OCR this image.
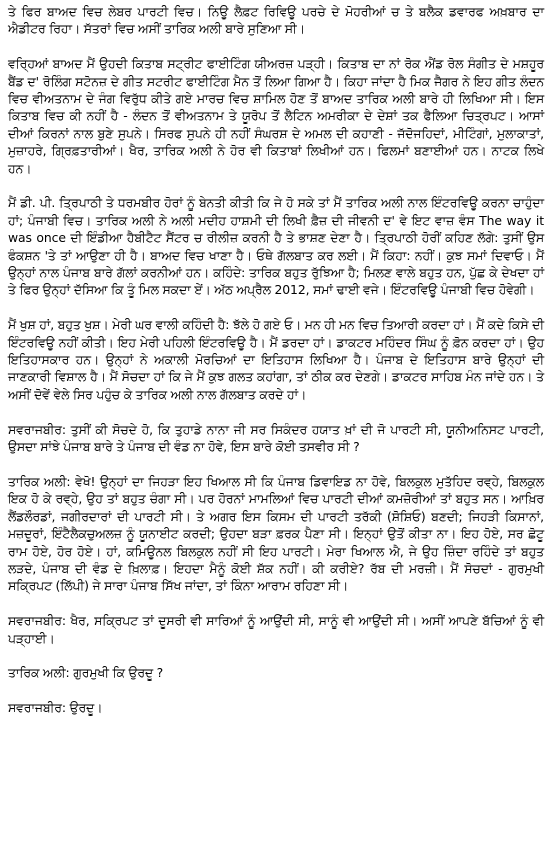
ਤੇ ਫਿਰ ਬਾਅਦ ਵਿਚ ਲੇਬਰ ਪਾਰਟੀ ਵਿਚ। ਨਿਊ ਲੈਫ਼ਟ ਰਿਵਿਊ ਪਰਚੇ ਦੇ ਮੋਹਰੀਆਂ ਚ ਤੇ ਬਲੈਕ ਡਵਾਰਫ ਅਖ਼ਬਾਰ ਦਾ ਐਡੀਟਰ ਰਿਹਾ। ਸੱਤਰਾਂ ਵਿਚ ਅਸੀਂ ਤਾਰਿਕ ਅਲੀ ਬਾਰੇ ਸੁਣਿਆ ਸੀ।

ਵਰ੍ਹਿਆਂ ਬਾਅਦ ਮੈਂ ਉਹਦੀ ਕਿਤਾਬ ਸਟ੍ਰੀਟ ਫਾਈਟਿੰਗ ਯੀਅਰਜ਼ ਪੜ੍ਹੀ। ਕਿਤਾਬ ਦਾ ਨਾਂ ਰੋਕ ਐਂਡ ਰੋਲ ਸੰਗੀਤ ਦੇ ਮਸ਼ਹੂਰ ਬੈਂਡ ਦ' ਰੋਲਿੰਗ ਸਟੋਨਜ਼ ਦੇ ਗੀਤ ਸਟਰੀਟ ਫਾਈਟਿੰਗ ਮੈਨ ਤੋਂ ਲਿਆ ਗਿਆ ਹੈ। ਕਿਹਾ ਜਾਂਦਾ ਹੈ ਮਿਕ ਜੈਗਰ ਨੇ ਇਹ ਗੀਤ ਲੰਦਨ ਵਿਚ ਵੀਅਤਨਾਮ ਦੇ ਜੰਗ ਵਿਰੁੱਧ ਕੀਤੇ ਗਏ ਮਾਰਚ ਵਿਚ ਸ਼ਾਮਿਲ ਹੋਣ ਤੋਂ ਬਾਅਦ ਤਾਰਿਕ ਅਲੀ ਬਾਰੇ ਹੀ ਲਿਖਿਆ ਸੀ। ਇਸ ਕਿਤਾਬ ਵਿਚ ਕੀ ਨਹੀਂ ਹੈ - ਲੰਦਨ ਤੋਂ ਵੀਅਤਨਾਮ ਤੇ ਯੂਰੋਪ ਤੋਂ ਲੈਟਿਨ ਅਮਰੀਕਾ ਦੇ ਦੇਸ਼ਾਂ ਤਕ ਫੈਲਿਆ ਚਿਤ੍ਰਪਟ। ਆਸਾਂ ਦੀਆਂ ਕਿਰਨਾਂ ਨਾਲ ਬੁਣੇ ਸੁਪਨੇ। ਸਿਰਫ ਸੁਪਨੇ ਹੀ ਨਹੀਂ ਸੰਘਰਸ਼ ਦੇ ਅਮਲ ਦੀ ਕਹਾਣੀ - ਜੱਦੋਜਹਿਦਾਂ, ਮੀਟਿੰਗਾਂ, ਮੁਲਾਕਾਤਾਂ, ਮੁਜ਼ਾਹਰੇ, ਗ੍ਰਿਫ਼ਤਾਰੀਆਂ। ਖੈਰ, ਤਾਰਿਕ ਅਲੀ ਨੇ ਹੋਰ ਵੀ ਕਿਤਾਬਾਂ ਲਿਖੀਆਂ ਹਨ। ਫਿਲਮਾਂ ਬਣਾਈਆਂ ਹਨ। ਨਾਟਕ ਲਿਖੇ ਹਨ।

ਮੈਂ ਡੀ. ਪੀ. ਤ੍ਰਿਪਾਠੀ ਤੇ ਧਰਮਬੀਰ ਹੋਰਾਂ ਨੂੰ ਬੇਨਤੀ ਕੀਤੀ ਕਿ ਜੇ ਹੋ ਸਕੇ ਤਾਂ ਮੈਂ ਤਾਰਿਕ ਅਲੀ ਨਾਲ ਇੰਟਰਵਿਊ ਕਰਨਾ ਚਾਹੁੰਦਾ ਹਾਂ; ਪੰਜਾਬੀ ਵਿਚ। ਤਾਰਿਕ ਅਲੀ ਨੇ ਅਲੀ ਮਦੀਹ ਹਾਸ਼ਮੀ ਦੀ ਲਿਖੀ ਫ਼ੈਜ਼ ਦੀ ਜੀਵਨੀ ਦ' ਵੇ ਇਟ ਵਾਜ਼ ਵੰਸ The way it was once ਦੀ ਇੰਡੀਆ ਹੈਬੀਟੈਟ ਸੈਂਟਰ ਚ ਰੀਲੀਜ਼ ਕਰਨੀ ਹੈ ਤੇ ਭਾਸ਼ਣ ਦੇਣਾ ਹੈ। ਤ੍ਰਿਪਾਠੀ ਹੋਰੀਂ ਕਹਿਣ ਲੱਗੇ: ਤੁਸੀਂ ਉਸ ਫੰਕਸ਼ਨ 'ਤੇ ਤਾਂ ਆਉਣਾ ਹੀ ਹੈ। ਬਾਅਦ ਵਿਚ ਖਾਣਾ ਹੈ। ਓਥੇ ਗੱਲਬਾਤ ਕਰ ਲਈ। ਮੈਂ ਕਿਹਾ: ਨਹੀਂ। ਕੁਝ ਸਮਾਂ ਦਿਵਾਓ। ਮੈਂ ਉਨ੍ਹਾਂ ਨਾਲ ਪੰਜਾਬ ਬਾਰੇ ਗੱਲਾਂ ਕਰਨੀਆਂ ਹਨ। ਕਹਿੰਦੇ: ਤਾਰਿਕ ਬਹੁਤ ਰੁੱਝਿਆ ਹੈ; ਮਿਲਣ ਵਾਲੇ ਬਹੁਤ ਹਨ, ਪੁੱਛ ਕੇ ਦੇਖਦਾ ਹਾਂ ਤੇ ਫਿਰ ਉਨ੍ਹਾਂ ਦੱਸਿਆ ਕਿ ਤੂੰ ਮਿਲ ਸਕਦਾ ਏਂ। ਅੱਠ ਅਪ੍ਰੈਲ 2012, ਸਮਾਂ ਢਾਈ ਵਜੇ। ਇੰਟਰਵਿਊ ਪੰਜਾਬੀ ਵਿਚ ਹੋਵੇਗੀ।

ਮੈਂ ਖੁਸ਼ ਹਾਂ, ਬਹੁਤ ਖੁਸ਼। ਮੇਰੀ ਘਰ ਵਾਲੀ ਕਹਿੰਦੀ ਹੈ: ਝੱਲੇ ਹੋ ਗਏ ਓ। ਮਨ ਹੀ ਮਨ ਵਿਚ ਤਿਆਰੀ ਕਰਦਾ ਹਾਂ। ਮੈਂ ਕਦੇ ਕਿਸੇ ਦੀ ਇੰਟਰਵਿਊ ਨਹੀਂ ਕੀਤੀ। ਇਹ ਮੇਰੀ ਪਹਿਲੀ ਇੰਟਰਵਿਊ ਹੈ। ਮੈਂ ਡਰਦਾ ਹਾਂ। ਡਾਕਟਰ ਮਹਿੰਦਰ ਸਿੰਘ ਨੂੰ ਫ਼ੋਨ ਕਰਦਾ ਹਾਂ। ਉਹ ਇਤਿਹਾਸਕਾਰ ਹਨ। ਉਨ੍ਹਾਂ ਨੇ ਅਕਾਲੀ ਮੋਰਚਿਆਂ ਦਾ ਇਤਿਹਾਸ ਲਿਖਿਆ ਹੈ। ਪੰਜਾਬ ਦੇ ਇਤਿਹਾਸ ਬਾਰੇ ਉਨ੍ਹਾਂ ਦੀ ਜਾਣਕਾਰੀ ਵਿਸ਼ਾਲ ਹੈ। ਮੈਂ ਸੋਚਦਾ ਹਾਂ ਕਿ ਜੇ ਮੈਂ ਕੁਝ ਗਲਤ ਕਹਾਂਗਾ, ਤਾਂ ਠੀਕ ਕਰ ਦੇਣਗੇ। ਡਾਕਟਰ ਸਾਹਿਬ ਮੰਨ ਜਾਂਦੇ ਹਨ। ਤੇ ਅਸੀਂ ਦੋਵੇਂ ਵੇਲੇ ਸਿਰ ਪਹੁੰਚ ਕੇ ਤਾਰਿਕ ਅਲੀ ਨਾਲ ਗੱਲਬਾਤ ਕਰਦੇ ਹਾਂ।

ਸਵਰਾਜਬੀਰ: ਤੁਸੀਂ ਕੀ ਸੋਚਦੇ ਹੋ, ਕਿ ਤੁਹਾਡੇ ਨਾਨਾ ਜੀ ਸਰ ਸਿਕੰਦਰ ਹਯਾਤ ਖ਼ਾਂ ਦੀ ਜੋ ਪਾਰਟੀ ਸੀ, ਯੂਨੀਅਨਿਸਟ ਪਾਰਟੀ, ਉਸਦਾ ਸਾਂਝੇ ਪੰਜਾਬ ਬਾਰੇ ਤੇ ਪੰਜਾਬ ਦੀ ਵੰਡ ਨਾ ਹੋਵੇ, ਇਸ ਬਾਰੇ ਕੋਈ ਤਸਵੀਰ ਸੀ ?

ਤਾਰਿਕ ਅਲੀ: ਵੇਖੋ! ਉਨ੍ਹਾਂ ਦਾ ਜਿਹੜਾ ਇਹ ਖਿਆਲ ਸੀ ਕਿ ਪੰਜਾਬ ਡਿਵਾਇਡ ਨਾ ਹੋਵੇ, ਬਿਲਕੁਲ ਮੁਤੱਹਿਦ ਰਵ੍ਹੇ, ਬਿਲਕੁਲ ਇਕ ਹੋ ਕੇ ਰਵ੍ਹੇ, ਉਹ ਤਾਂ ਬਹੁਤ ਚੰਗਾ ਸੀ। ਪਰ ਹੋਰਨਾਂ ਮਾਮਲਿਆਂ ਵਿਚ ਪਾਰਟੀ ਦੀਆਂ ਕਮਜ਼ੋਰੀਆਂ ਤਾਂ ਬਹੁਤ ਸਨ। ਆਖ਼ਿਰ ਲੈਂਡਲੌਰਡਾਂ, ਜਗੀਰਦਾਰਾਂ ਦੀ ਪਾਰਟੀ ਸੀ। ਤੇ ਅਗਰ ਇਸ ਕਿਸਮ ਦੀ ਪਾਰਟੀ ਤਰੱਕੀ (ਸ਼ੋਸ਼ਿਓ) ਬਣਦੀ; ਜਿਹੜੀ ਕਿਸਾਨਾਂ, ਮਜ਼ਦੂਰਾਂ, ਇੰਟੈਲੈਕਚੁਅਲਜ਼ ਨੂੰ ਯੂਨਾਈਟ ਕਰਦੀ; ਉਹਦਾ ਬੜਾ ਫ਼ਰਕ ਪੈਣਾ ਸੀ। ਇਨ੍ਹਾਂ ਉਤੋਂ ਕੀਤਾ ਨਾ। ਇਹ ਹੋਏ, ਸਰ ਛੋਟੂ ਰਾਮ ਹੋਏ, ਹੋਰ ਹੋਏ। ਹਾਂ, ਕਮਿਊਨਲ ਬਿਲਕੁਲ ਨਹੀਂ ਸੀ ਇਹ ਪਾਰਟੀ। ਮੇਰਾ ਖਿਆਲ ਐ, ਜੇ ਉਹ ਜ਼ਿੰਦਾ ਰਹਿੰਦੇ ਤਾਂ ਬਹੁਤ ਲੜਦੇ, ਪੰਜਾਬ ਦੀ ਵੰਡ ਦੇ ਖ਼ਿਲਾਫ਼। ਇਹਦਾ ਮੈਨੂੰ ਕੋਈ ਸ਼ੱਕ ਨਹੀਂ। ਕੀ ਕਰੀਏ? ਰੱਬ ਦੀ ਮਰਜ਼ੀ। ਮੈਂ ਸੋਚਦਾਂ - ਗੁਰਮੁਖੀ ਸਕ੍ਰਿਪਟ (ਲਿੱਪੀ) ਜੇ ਸਾਰਾ ਪੰਜਾਬ ਸਿੱਖ ਜਾਂਦਾ, ਤਾਂ ਕਿੰਨਾ ਆਰਾਮ ਰਹਿਣਾ ਸੀ।

ਸਵਰਾਜਬੀਰ: ਖੈਰ, ਸਕ੍ਰਿਪਟ ਤਾਂ ਦੂਸਰੀ ਵੀ ਸਾਰਿਆਂ ਨੂੰ ਆਉਂਦੀ ਸੀ, ਸਾਨੂੰ ਵੀ ਆਉਂਦੀ ਸੀ। ਅਸੀਂ ਆਪਣੇ ਬੱਚਿਆਂ ਨੂੰ ਵੀ ਪੜ੍ਹਾਈ।

ਤਾਰਿਕ ਅਲੀ: ਗੁਰਮੁਖੀ ਕਿ ਉਰਦੂ ?

ਸਵਰਾਜਬੀਰ: ਉਰਦੂ।
